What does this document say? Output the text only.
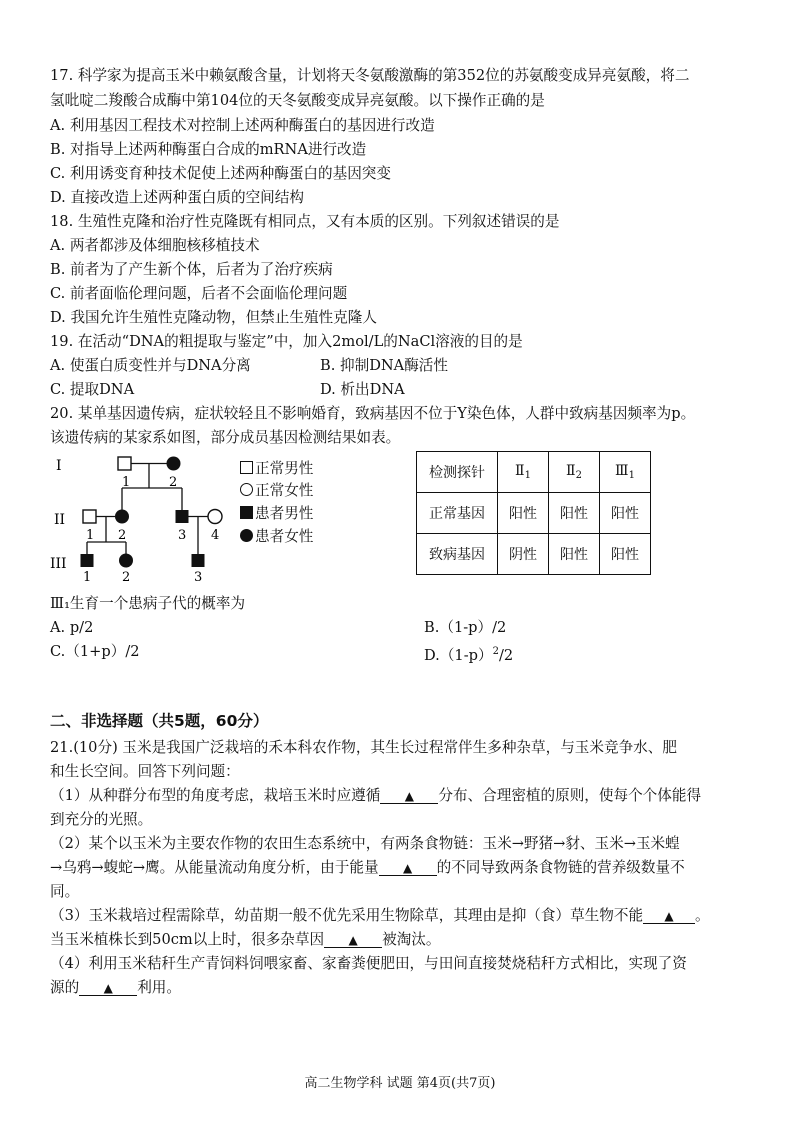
17. 科学家为提高玉米中赖氨酸含量，计划将天冬氨酸激酶的第352位的苏氨酸变成异亮氨酸，将二
氢吡啶二羧酸合成酶中第104位的天冬氨酸变成异亮氨酸。以下操作正确的是
A. 利用基因工程技术对控制上述两种酶蛋白的基因进行改造
B. 对指导上述两种酶蛋白合成的mRNA进行改造
C. 利用诱变育种技术促使上述两种酶蛋白的基因突变
D. 直接改造上述两种蛋白质的空间结构
18. 生殖性克隆和治疗性克隆既有相同点，又有本质的区别。下列叙述错误的是
A. 两者都涉及体细胞核移植技术
B. 前者为了产生新个体，后者为了治疗疾病
C. 前者面临伦理问题，后者不会面临伦理问题
D. 我国允许生殖性克隆动物，但禁止生殖性克隆人
19. 在活动“DNA的粗提取与鉴定”中，加入2mol/L的NaCl溶液的目的是
A. 使蛋白质变性并与DNA分离	B. 抑制DNA酶活性
C. 提取DNA	D. 析出DNA
20. 某单基因遗传病，症状较轻且不影响婚育，致病基因不位于Y染色体，人群中致病基因频率为p。
该遗传病的某家系如图，部分成员基因检测结果如表。
I
II
III
1	2
1 2	3 4
1 2	3
正常男性
正常女性
患者男性
患者女性
检测探针	$Ⅱ_1$	$Ⅱ_2$	$Ⅲ_1$
正常基因	阳性	阳性	阳性
致病基因	阴性	阳性	阳性
Ⅲ₁生育一个患病子代的概率为
A. p/2	B.（1-p）/2
C.（1+p）/2	$D.(1-p)^2/2$
二、非选择题（共5题，60分）
21.(10分) 玉米是我国广泛栽培的禾本科农作物，其生长过程常伴生多种杂草，与玉米竞争水、肥
和生长空间。回答下列问题：
（1）从种群分布型的角度考虑，栽培玉米时应遵循 ▲ 分布、合理密植的原则，使每个个体能得
到充分的光照。
（2）某个以玉米为主要农作物的农田生态系统中，有两条食物链：玉米→野猪→豺、玉米→玉米蝗
→乌鸦→蝮蛇→鹰。从能量流动角度分析，由于能量 ▲ 的不同导致两条食物链的营养级数量不
同。
（3）玉米栽培过程需除草，幼苗期一般不优先采用生物除草，其理由是抑（食）草生物不能 ▲ 。
当玉米植株长到50cm以上时，很多杂草因 ▲ 被淘汰。
（4）利用玉米秸秆生产青饲料饲喂家畜、家畜粪便肥田，与田间直接焚烧秸秆方式相比，实现了资
源的 ▲ 利用。
高二生物学科 试题 第4页(共7页)
